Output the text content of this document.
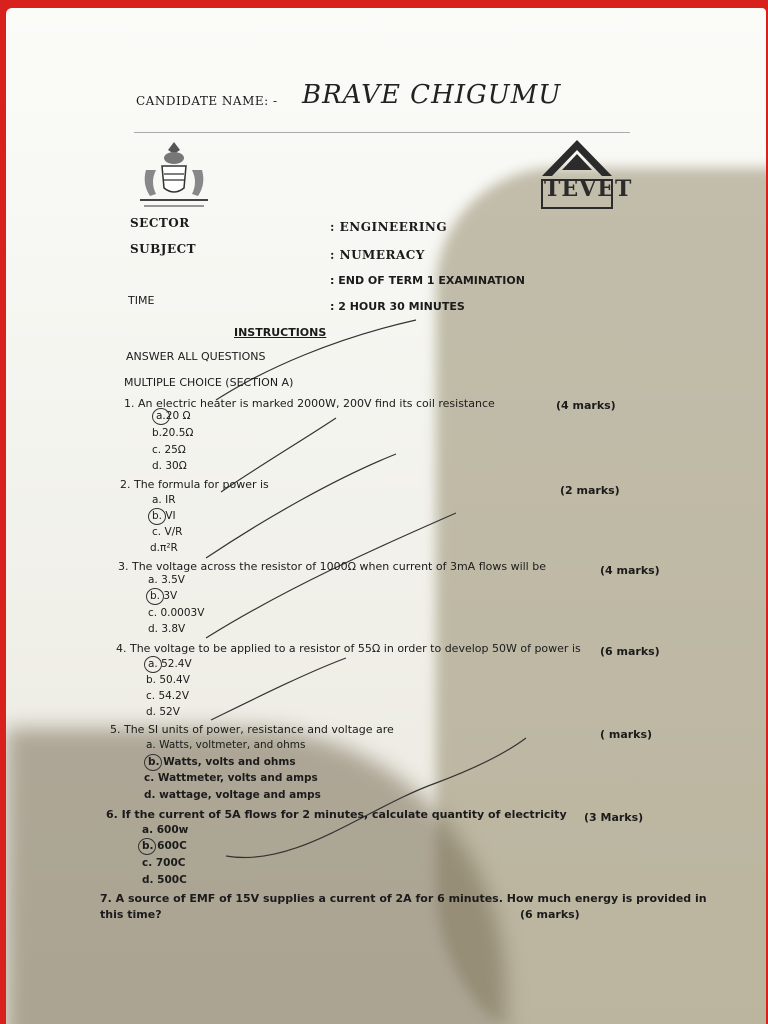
CANDIDATE NAME: - BRAVE CHIGUMU
TEVET
SECTOR	: ENGINEERING
SUBJECT	: NUMERACY
: END OF TERM 1 EXAMINATION
TIME	: 2 HOUR 30 MINUTES
INSTRUCTIONS
ANSWER ALL QUESTIONS
MULTIPLE CHOICE (SECTION A)
1. An electric heater is marked 2000W, 200V find its coil resistance	(4 marks)
a.20 Ω
b.20.5Ω
c. 25Ω
d. 30Ω
2. The formula for power is	(2 marks)
a. IR
b. VI
c. V/R
d.π²R
3. The voltage across the resistor of 1000Ω when current of 3mA flows will be	(4 marks)
a. 3.5V
b. 3V
c. 0.0003V
d. 3.8V
4. The voltage to be applied to a resistor of 55Ω in order to develop 50W of power is (6 marks)
a. 52.4V
b. 50.4V
c. 54.2V
d. 52V
5. The SI units of power, resistance and voltage are	( marks)
a. Watts, voltmeter, and ohms
b. Watts, volts and ohms
c. Wattmeter, volts and amps
d. wattage, voltage and amps
6. If the current of 5A flows for 2 minutes, calculate quantity of electricity (3 Marks)
a. 600w
b. 600C
c. 700C
d. 500C
7. A source of EMF of 15V supplies a current of 2A for 6 minutes. How much energy is provided in
this time?	(6 marks)
